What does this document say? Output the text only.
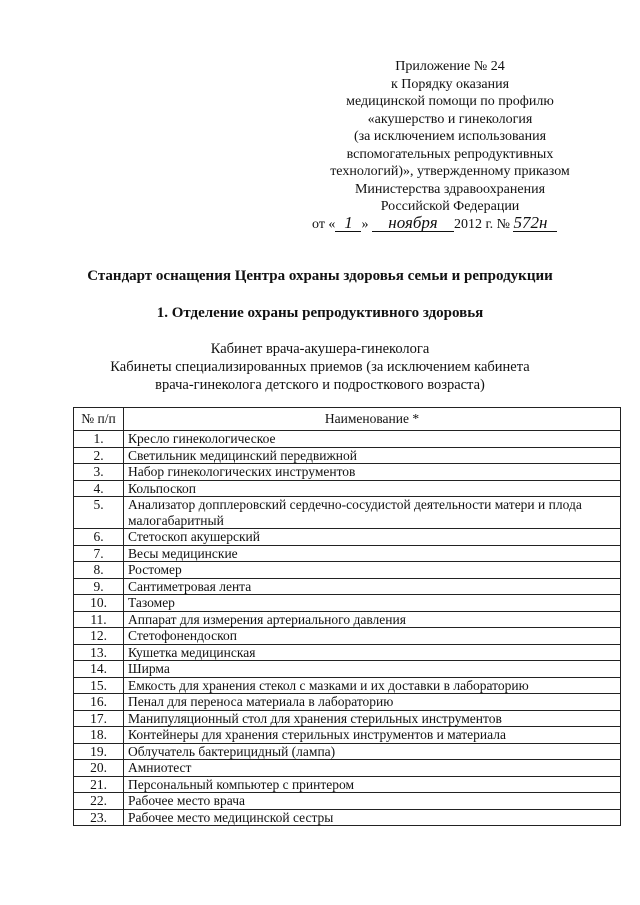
Приложение № 24
к Порядку оказания
медицинской помощи по профилю
«акушерство и гинекология
(за исключением использования
вспомогательных репродуктивных
технологий)», утвержденному приказом
Министерства здравоохранения
Российской Федерации
от « 1 » ноября 2012 г. № 572н
Стандарт оснащения Центра охраны здоровья семьи и репродукции
1. Отделение охраны репродуктивного здоровья
Кабинет врача-акушера-гинеколога
Кабинеты специализированных приемов (за исключением кабинета
врача-гинеколога детского и подросткового возраста)
№ п/п	Наименование *
1.	Кресло гинекологическое
2.	Светильник медицинский передвижной
3.	Набор гинекологических инструментов
4.	Кольпоскоп
5.	Анализатор допплеровский сердечно-сосудистой деятельности матери и плода малогабаритный
6.	Стетоскоп акушерский
7.	Весы медицинские
8.	Ростомер
9.	Сантиметровая лента
10.	Тазомер
11.	Аппарат для измерения артериального давления
12.	Стетофонендоскоп
13.	Кушетка медицинская
14.	Ширма
15.	Емкость для хранения стекол с мазками и их доставки в лабораторию
16.	Пенал для переноса материала в лабораторию
17.	Манипуляционный стол для хранения стерильных инструментов
18.	Контейнеры для хранения стерильных инструментов и материала
19.	Облучатель бактерицидный (лампа)
20.	Амниотест
21.	Персональный компьютер с принтером
22.	Рабочее место врача
23.	Рабочее место медицинской сестры
